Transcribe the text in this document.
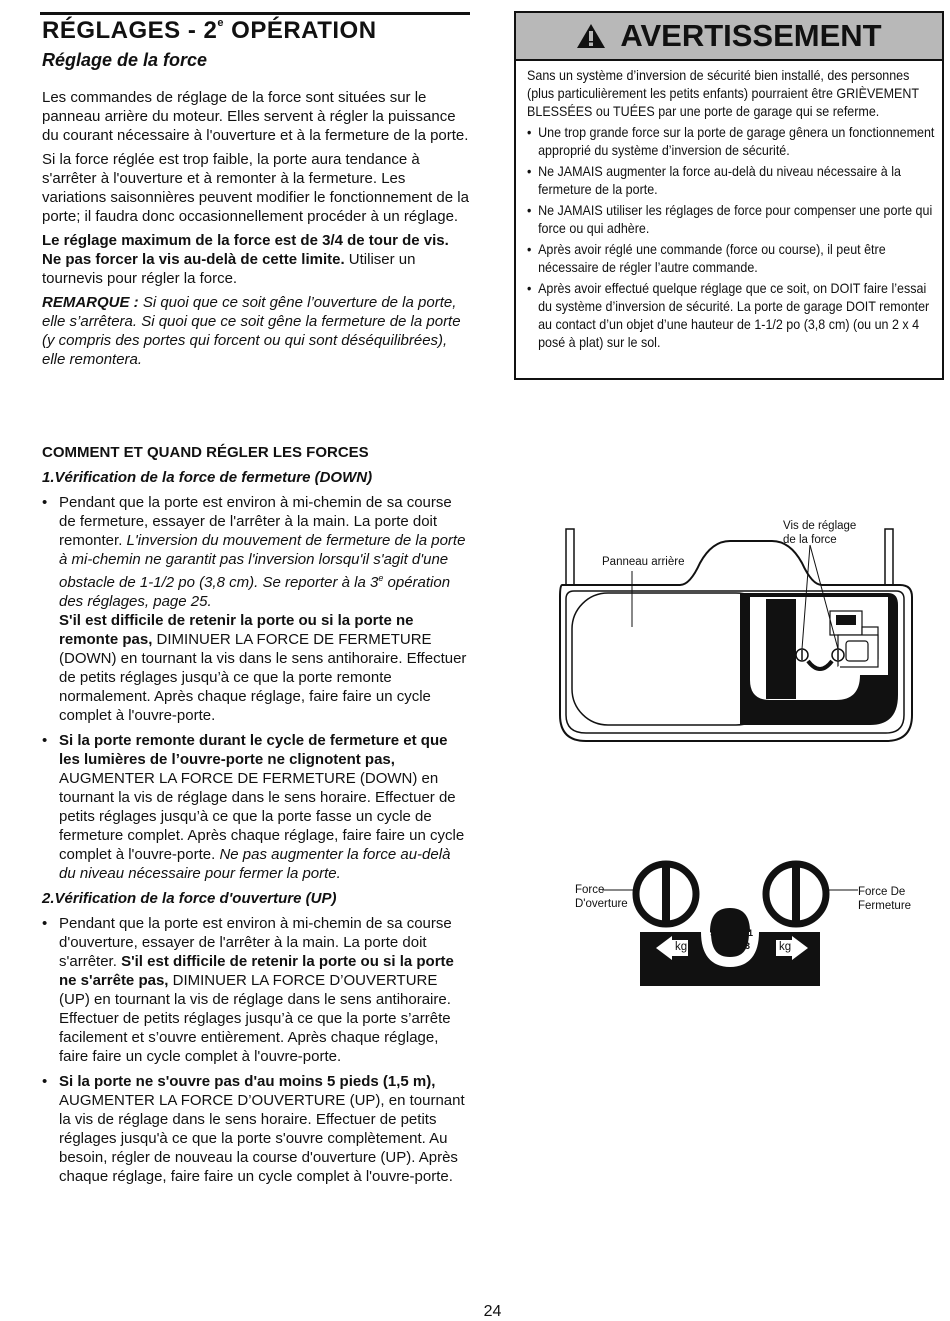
RÉGLAGES - 2e OPÉRATION
Réglage de la force

Les commandes de réglage de la force sont situées sur le panneau arrière du moteur. Elles servent à régler la puissance du courant nécessaire à l'ouverture et à la fermeture de la porte.

Si la force réglée est trop faible, la porte aura tendance à s'arrêter à l'ouverture et à remonter à la fermeture. Les variations saisonnières peuvent modifier le fonctionnement de la porte; il faudra donc occasionnellement procéder à un réglage.

Le réglage maximum de la force est de 3/4 de tour de vis. Ne pas forcer la vis au-delà de cette limite. Utiliser un tournevis pour régler la force.

REMARQUE : Si quoi que ce soit gêne l’ouverture de la porte, elle s’arrêtera. Si quoi que ce soit gêne la fermeture de la porte (y compris des portes qui forcent ou qui sont déséquilibrées), elle remontera.

AVERTISSEMENT

Sans un système d’inversion de sécurité bien installé, des personnes (plus particulièrement les petits enfants) pourraient être GRIÈVEMENT BLESSÉES ou TUÉES par une porte de garage qui se referme.

• Une trop grande force sur la porte de garage gênera un fonctionnement approprié du système d’inversion de sécurité.
• Ne JAMAIS augmenter la force au-delà du niveau nécessaire à la fermeture de la porte.
• Ne JAMAIS utiliser les réglages de force pour compenser une porte qui force ou qui adhère.
• Après avoir réglé une commande (force ou course), il peut être nécessaire de régler l’autre commande.
• Après avoir effectué quelque réglage que ce soit, on DOIT faire l’essai du système d’inversion de sécurité. La porte de garage DOIT remonter au contact d’un objet d’une hauteur de 1-1/2 po (3,8 cm) (ou un 2 x 4 posé à plat) sur le sol.

COMMENT ET QUAND RÉGLER LES FORCES

1.Vérification de la force de fermeture (DOWN)

• Pendant que la porte est environ à mi-chemin de sa course de fermeture, essayer de l'arrêter à la main. La porte doit remonter. L'inversion du mouvement de fermeture de la porte à mi-chemin ne garantit pas l'inversion lorsqu'il s'agit d'une obstacle de 1-1/2 po (3,8 cm). Se reporter à la 3e opération des réglages, page 25.
S'il est difficile de retenir la porte ou si la porte ne remonte pas, DIMINUER LA FORCE DE FERMETURE (DOWN) en tournant la vis dans le sens antihoraire. Effectuer de petits réglages jusqu’à ce que la porte remonte normalement. Après chaque réglage, faire faire un cycle complet à l'ouvre-porte.
• Si la porte remonte durant le cycle de fermeture et que les lumières de l’ouvre-porte ne clignotent pas, AUGMENTER LA FORCE DE FERMETURE (DOWN) en tournant la vis de réglage dans le sens horaire. Effectuer de petits réglages jusqu’à ce que la porte fasse un cycle de fermeture complet. Après chaque réglage, faire faire un cycle complet à l'ouvre-porte. Ne pas augmenter la force au-delà du niveau nécessaire pour fermer la porte.

2.Vérification de la force d'ouverture (UP)

• Pendant que la porte est environ à mi-chemin de sa course d'ouverture, essayer de l'arrêter à la main. La porte doit s'arrêter. S'il est difficile de retenir la porte ou si la porte ne s'arrête pas, DIMINUER LA FORCE D’OUVERTURE (UP) en tournant la vis de réglage dans le sens antihoraire. Effectuer de petits réglages jusqu’à ce que la porte s’arrête facilement et s’ouvre entièrement. Après chaque réglage, faire faire un cycle complet à l'ouvre-porte.
• Si la porte ne s'ouvre pas d'au moins 5 pieds (1,5 m), AUGMENTER LA FORCE D’OUVERTURE (UP), en tournant la vis de réglage dans le sens horaire. Effectuer de petits réglages jusqu'à ce que la porte s'ouvre complètement. Au besoin, régler de nouveau la course d'ouverture (UP). Après chaque réglage, faire faire un cycle complet à l'ouvre-porte.
Panneau arrière
Vis de réglage
de la force
kg	kg
9
7
5
3
1
Force
D'overture
Force De
Fermeture
24
